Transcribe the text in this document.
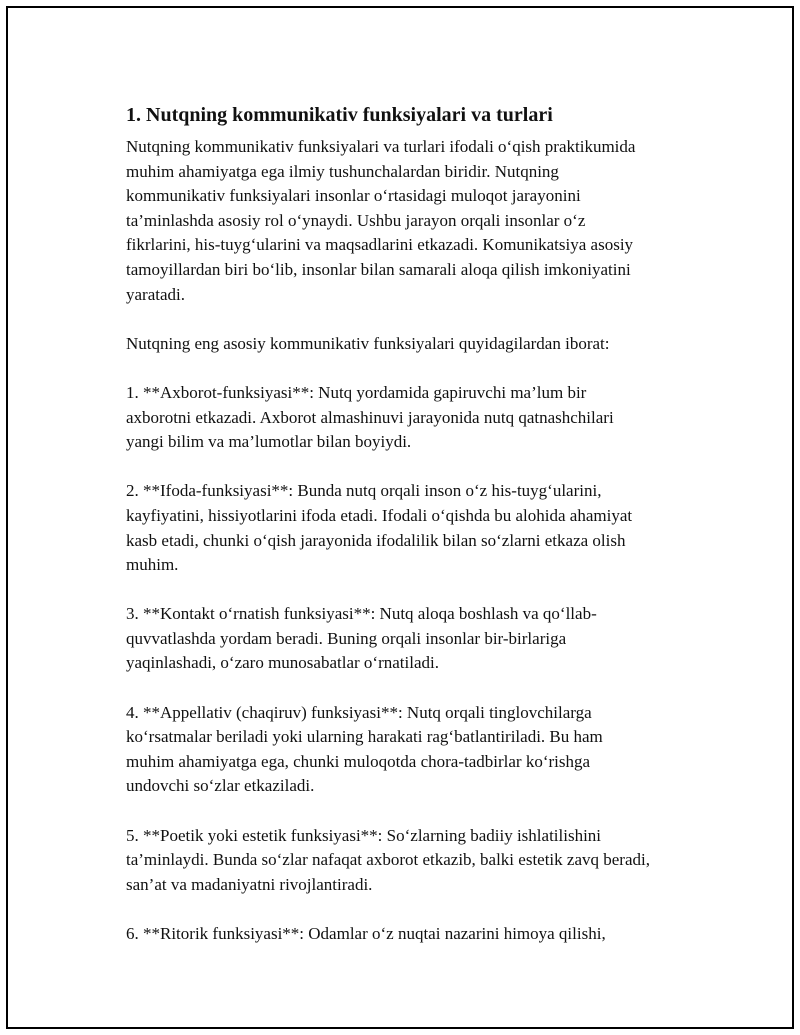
1. Nutqning kommunikativ funksiyalari va turlari

Nutqning kommunikativ funksiyalari va turlari ifodali o‘qish praktikumida
muhim ahamiyatga ega ilmiy tushunchalardan biridir. Nutqning
kommunikativ funksiyalari insonlar o‘rtasidagi muloqot jarayonini
ta’minlashda asosiy rol o‘ynaydi. Ushbu jarayon orqali insonlar o‘z
fikrlarini, his-tuyg‘ularini va maqsadlarini etkazadi. Komunikatsiya asosiy
tamoyillardan biri bo‘lib, insonlar bilan samarali aloqa qilish imkoniyatini
yaratadi.

Nutqning eng asosiy kommunikativ funksiyalari quyidagilardan iborat:

1. **Axborot-funksiyasi**: Nutq yordamida gapiruvchi ma’lum bir
axborotni etkazadi. Axborot almashinuvi jarayonida nutq qatnashchilari
yangi bilim va ma’lumotlar bilan boyiydi.

2. **Ifoda-funksiyasi**: Bunda nutq orqali inson o‘z his-tuyg‘ularini,
kayfiyatini, hissiyotlarini ifoda etadi. Ifodali o‘qishda bu alohida ahamiyat
kasb etadi, chunki o‘qish jarayonida ifodalilik bilan so‘zlarni etkaza olish
muhim.

3. **Kontakt o‘rnatish funksiyasi**: Nutq aloqa boshlash va qo‘llab-
quvvatlashda yordam beradi. Buning orqali insonlar bir-birlariga
yaqinlashadi, o‘zaro munosabatlar o‘rnatiladi.

4. **Appellativ (chaqiruv) funksiyasi**: Nutq orqali tinglovchilarga
ko‘rsatmalar beriladi yoki ularning harakati rag‘batlantiriladi. Bu ham
muhim ahamiyatga ega, chunki muloqotda chora-tadbirlar ko‘rishga
undovchi so‘zlar etkaziladi.

5. **Poetik yoki estetik funksiyasi**: So‘zlarning badiiy ishlatilishini
ta’minlaydi. Bunda so‘zlar nafaqat axborot etkazib, balki estetik zavq beradi,
san’at va madaniyatni rivojlantiradi.

6. **Ritorik funksiyasi**: Odamlar o‘z nuqtai nazarini himoya qilishi,
